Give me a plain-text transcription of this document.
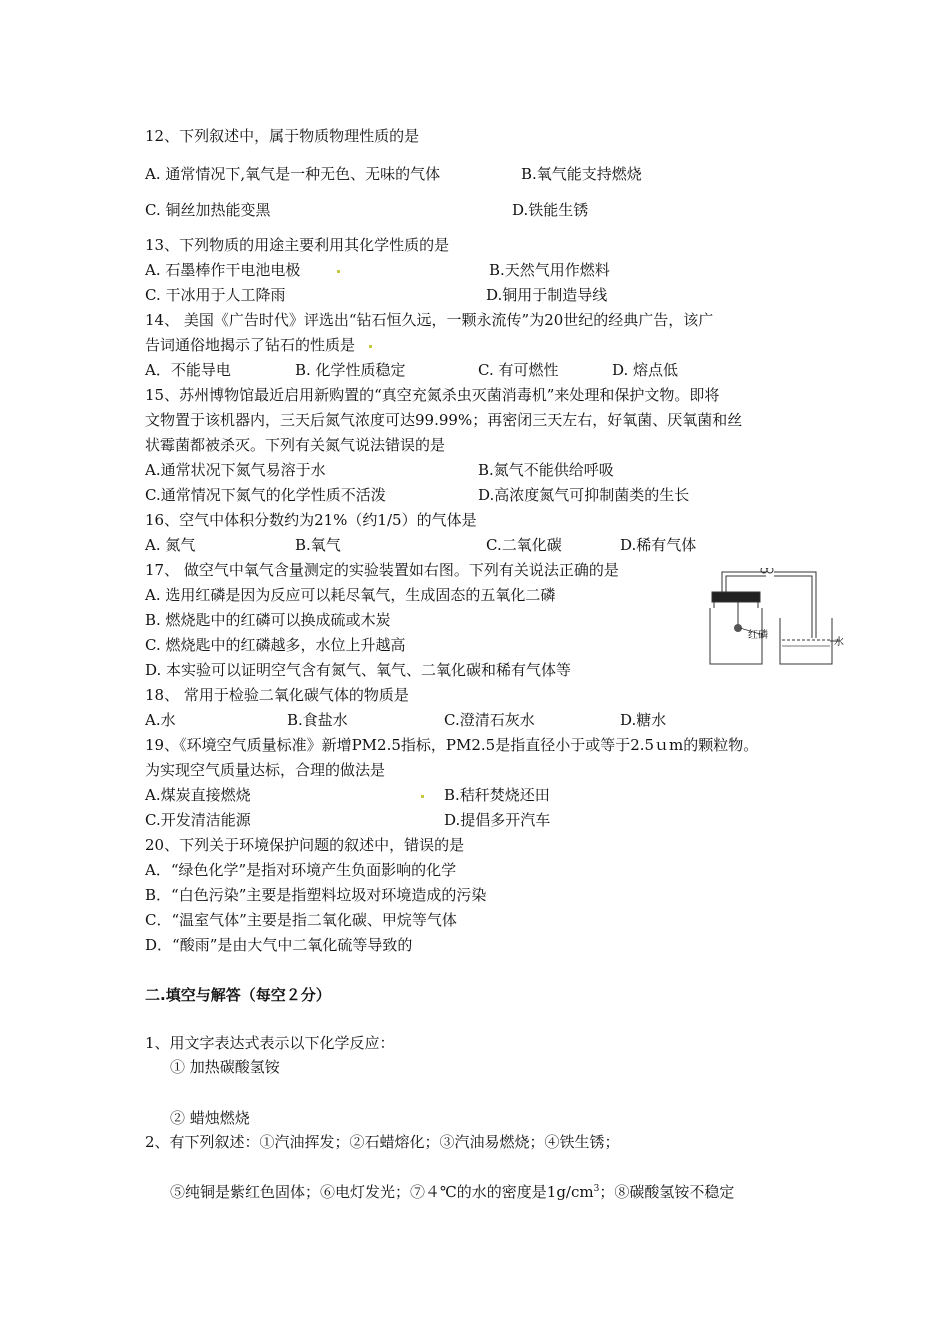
12、下列叙述中，属于物质物理性质的是
A. 通常情况下,氧气是一种无色、无味的气体	B.氧气能支持燃烧
C. 铜丝加热能变黑	D.铁能生锈
13、下列物质的用途主要利用其化学性质的是
A. 石墨棒作干电池电极	B.天然气用作燃料
C. 干冰用于人工降雨	D.铜用于制造导线
14、 美国《广告时代》评选出“钻石恒久远，一颗永流传”为20世纪的经典广告，该广
告词通俗地揭示了钻石的性质是
A．不能导电	B. 化学性质稳定	C. 有可燃性	D. 熔点低
15、苏州博物馆最近启用新购置的“真空充氮杀虫灭菌消毒机”来处理和保护文物。即将
文物置于该机器内，三天后氮气浓度可达99.99%；再密闭三天左右，好氧菌、厌氧菌和丝
状霉菌都被杀灭。下列有关氮气说法错误的是
A.通常状况下氮气易溶于水	B.氮气不能供给呼吸
C.通常情况下氮气的化学性质不活泼	D.高浓度氮气可抑制菌类的生长
16、空气中体积分数约为21%（约1/5）的气体是
A. 氮气	B.氧气	C.二氧化碳	D.稀有气体
17、 做空气中氧气含量测定的实验装置如右图。下列有关说法正确的是
A. 选用红磷是因为反应可以耗尽氧气，生成固态的五氧化二磷
B. 燃烧匙中的红磷可以换成硫或木炭
C. 燃烧匙中的红磷越多，水位上升越高
D. 本实验可以证明空气含有氮气、氧气、二氧化碳和稀有气体等
红磷
水
18、 常用于检验二氧化碳气体的物质是
A.水	B.食盐水	C.澄清石灰水	D.糖水
19、《环境空气质量标准》新增PM2.5指标，PM2.5是指直径小于或等于2.5ｕm的颗粒物。
为实现空气质量达标，合理的做法是
A.煤炭直接燃烧	B.秸秆焚烧还田
C.开发清洁能源	D.提倡多开汽车
20、下列关于环境保护问题的叙述中，错误的是
A．“绿色化学”是指对环境产生负面影响的化学
B．“白色污染”主要是指塑料垃圾对环境造成的污染
C．“温室气体”主要是指二氧化碳、甲烷等气体
D．“酸雨”是由大气中二氧化硫等导致的
二.填空与解答（每空２分）
1、用文字表达式表示以下化学反应：
① 加热碳酸氢铵
② 蜡烛燃烧
2、有下列叙述：①汽油挥发；②石蜡熔化；③汽油易燃烧；④铁生锈；
⑤纯铜是紫红色固体；⑥电灯发光；⑦４℃的水的密度是$1g/cm^3$；⑧碳酸氢铵不稳定
